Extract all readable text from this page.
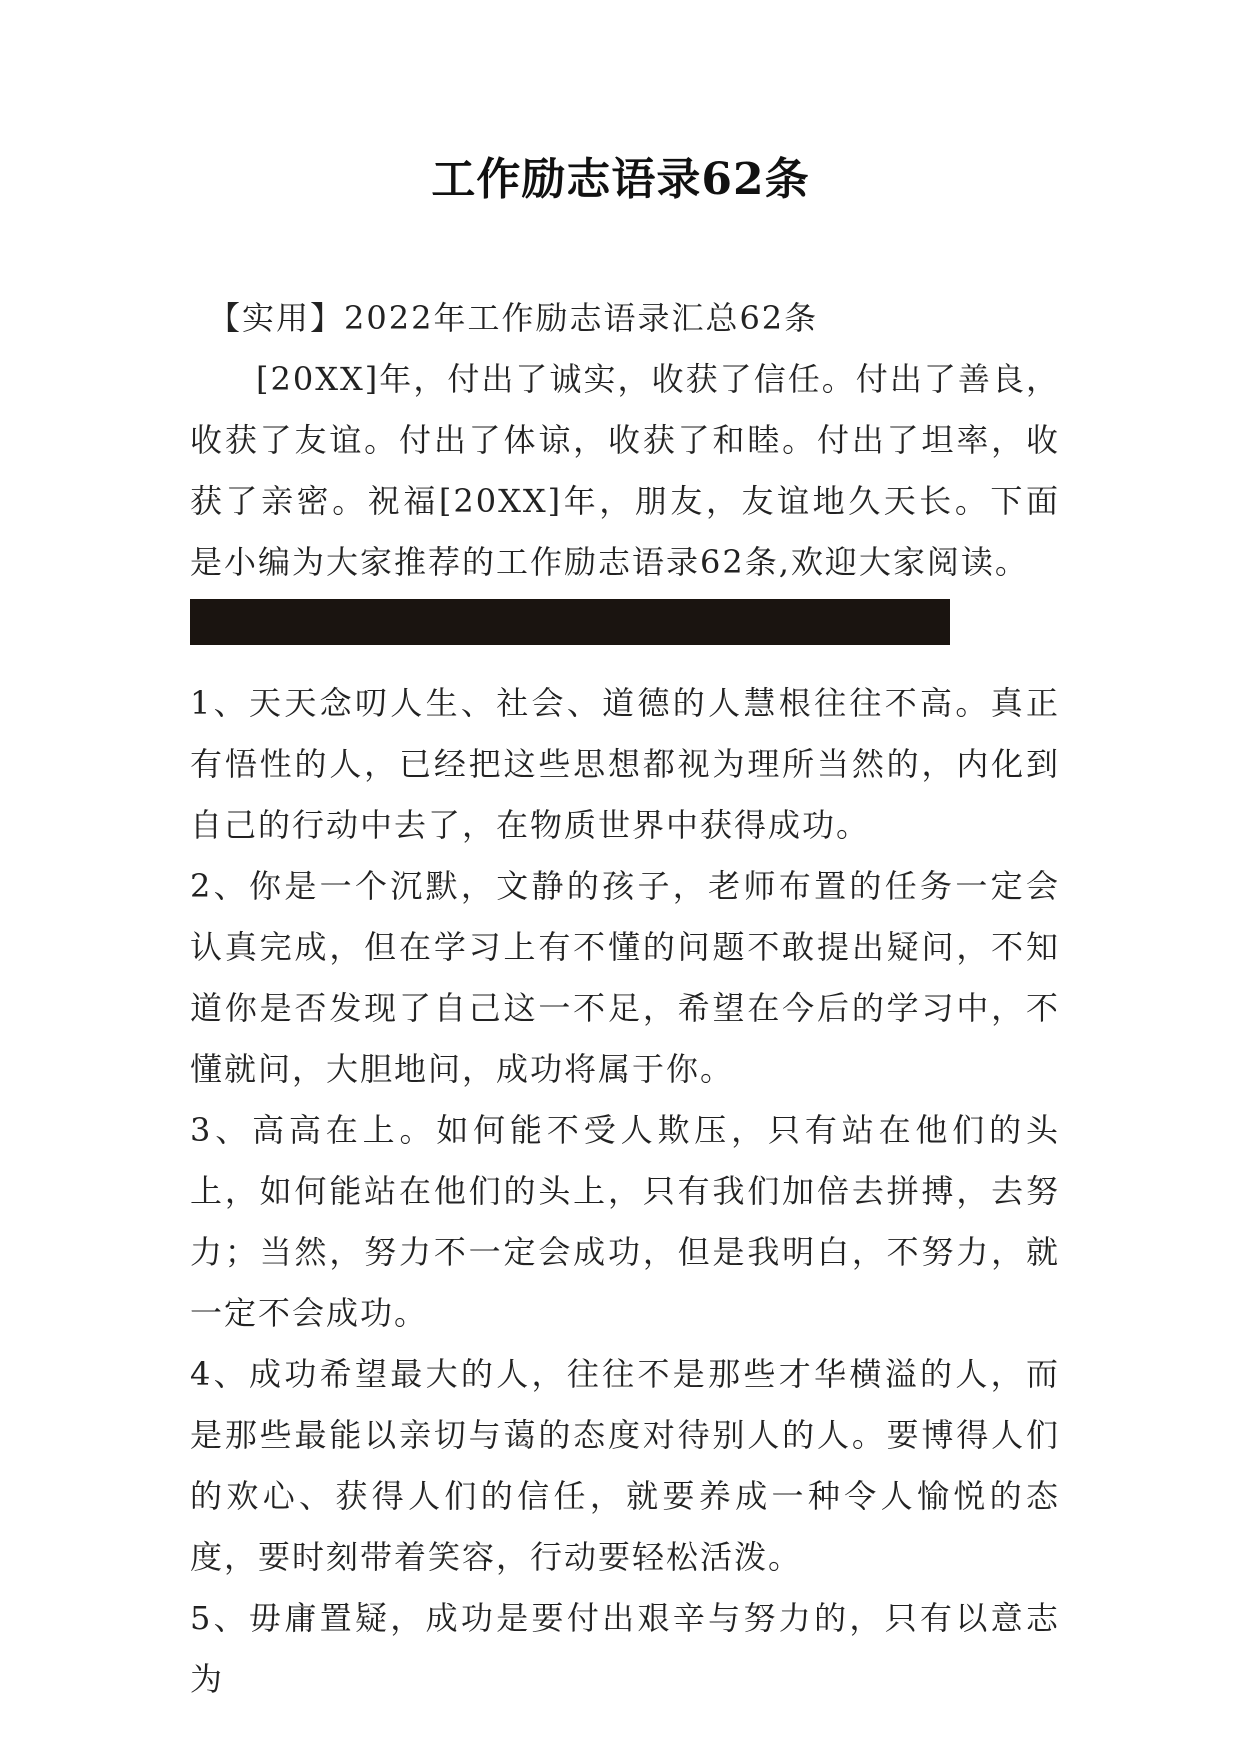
工作励志语录62条

【实用】2022年工作励志语录汇总62条

[20XX]年，付出了诚实，收获了信任。付出了善良，收获了友谊。付出了体谅，收获了和睦。付出了坦率，收获了亲密。祝福[20XX]年，朋友，友谊地久天长。下面是小编为大家推荐的工作励志语录62条,欢迎大家阅读。

1、天天念叨人生、社会、道德的人慧根往往不高。真正有悟性的人，已经把这些思想都视为理所当然的，内化到自己的行动中去了，在物质世界中获得成功。

2、你是一个沉默，文静的孩子，老师布置的任务一定会认真完成，但在学习上有不懂的问题不敢提出疑问，不知道你是否发现了自己这一不足，希望在今后的学习中，不懂就问，大胆地问，成功将属于你。

3、高高在上。如何能不受人欺压，只有站在他们的头上，如何能站在他们的头上，只有我们加倍去拼搏，去努力；当然，努力不一定会成功，但是我明白，不努力，就一定不会成功。

4、成功希望最大的人，往往不是那些才华横溢的人，而是那些最能以亲切与蔼的态度对待别人的人。要博得人们的欢心、获得人们的信任，就要养成一种令人愉悦的态度，要时刻带着笑容，行动要轻松活泼。

5、毋庸置疑，成功是要付出艰辛与努力的，只有以意志为
